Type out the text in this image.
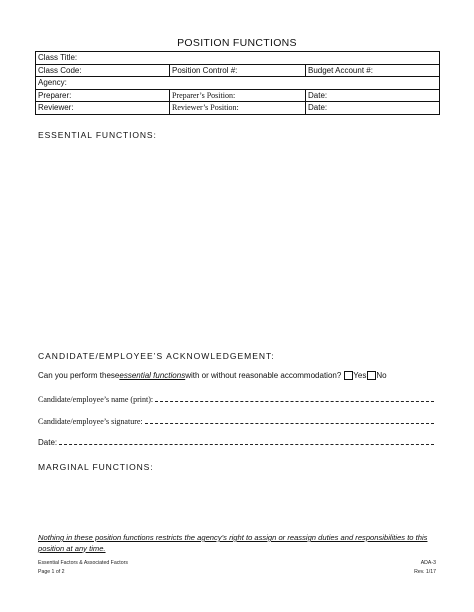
POSITION FUNCTIONS
Class Title:		
Class Code:	Position Control #:	Budget Account #:
Agency:		
Preparer:	Preparer’s Position:	Date:
Reviewer:	Reviewer’s Position:	Date:
ESSENTIAL FUNCTIONS:
CANDIDATE/EMPLOYEE’S ACKNOWLEDGEMENT:
Can you perform these essential functions with or without reasonable accommodation? Yes No
Candidate/employee’s name (print):
Candidate/employee’s signature:
Date:
MARGINAL FUNCTIONS:
Nothing in these position functions restricts the agency’s right to assign or reassign duties and responsibilities to this position at any time.
Essential Factors & Associated Factors	ADA-3
Page 1 of 2	Rev. 1/17
